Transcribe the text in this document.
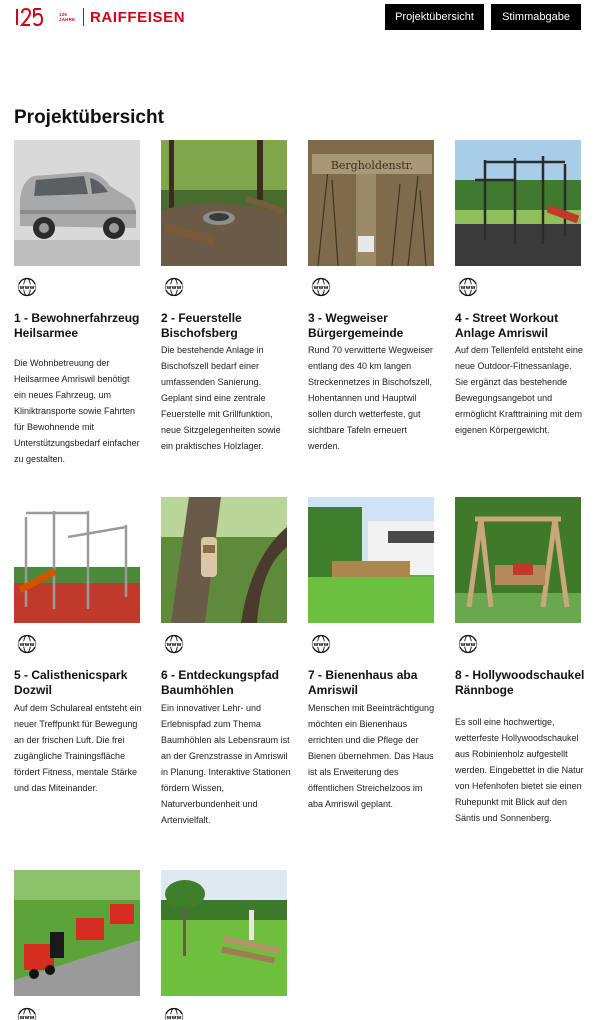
125 JAHRE RAIFFEISEN	Projektübersicht	Stimmabgabe
Projektübersicht
1 - Bewohnerfahrzeug Heilsarmee
Die Wohnbetreuung der Heilsarmee Amriswil benötigt ein neues Fahrzeug, um Kliniktransporte sowie Fahrten für Bewohnende mit Unterstützungsbedarf einfacher zu gestalten.
2 - Feuerstelle Bischofsberg
Die bestehende Anlage in Bischofszell bedarf einer umfassenden Sanierung. Geplant sind eine zentrale Feuerstelle mit Grillfunktion, neue Sitzgelegenheiten sowie ein praktisches Holzlager.
Bergholdenstr.
3 - Wegweiser Bürgergemeinde
Rund 70 verwitterte Wegweiser entlang des 40 km langen Streckennetzes in Bischofszell, Hohentannen und Hauptwil sollen durch wetterfeste, gut sichtbare Tafeln erneuert werden.
4 - Street Workout Anlage Amriswil
Auf dem Tellenfeld entsteht eine neue Outdoor-Fitnessanlage. Sie ergänzt das bestehende Bewegungsangebot und ermöglicht Krafttraining mit dem eigenen Körpergewicht.
5 - Calisthenicspark Dozwil
Auf dem Schulareal entsteht ein neuer Treffpunkt für Bewegung an der frischen Luft. Die frei zugängliche Trainingsfläche fördert Fitness, mentale Stärke und das Miteinander.
6 - Entdeckungspfad Baumhöhlen
Ein innovativer Lehr- und Erlebnispfad zum Thema Baumhöhlen als Lebensraum ist an der Grenzstrasse in Amriswil in Planung. Interaktive Stationen fördern Wissen, Naturverbundenheit und Artenvielfalt.
7 - Bienenhaus aba Amriswil
Menschen mit Beeinträchtigung möchten ein Bienenhaus errichten und die Pflege der Bienen übernehmen. Das Haus ist als Erweiterung des öffentlichen Streichelzoos im aba Amriswil geplant.
8 - Hollywoodschaukel Rännboge
Es soll eine hochwertige, wetterfeste Hollywoodschaukel aus Robinienholz aufgestellt werden. Eingebettet in die Natur von Hefenhofen bietet sie einen Ruhepunkt mit Blick auf den Säntis und Sonnenberg.
